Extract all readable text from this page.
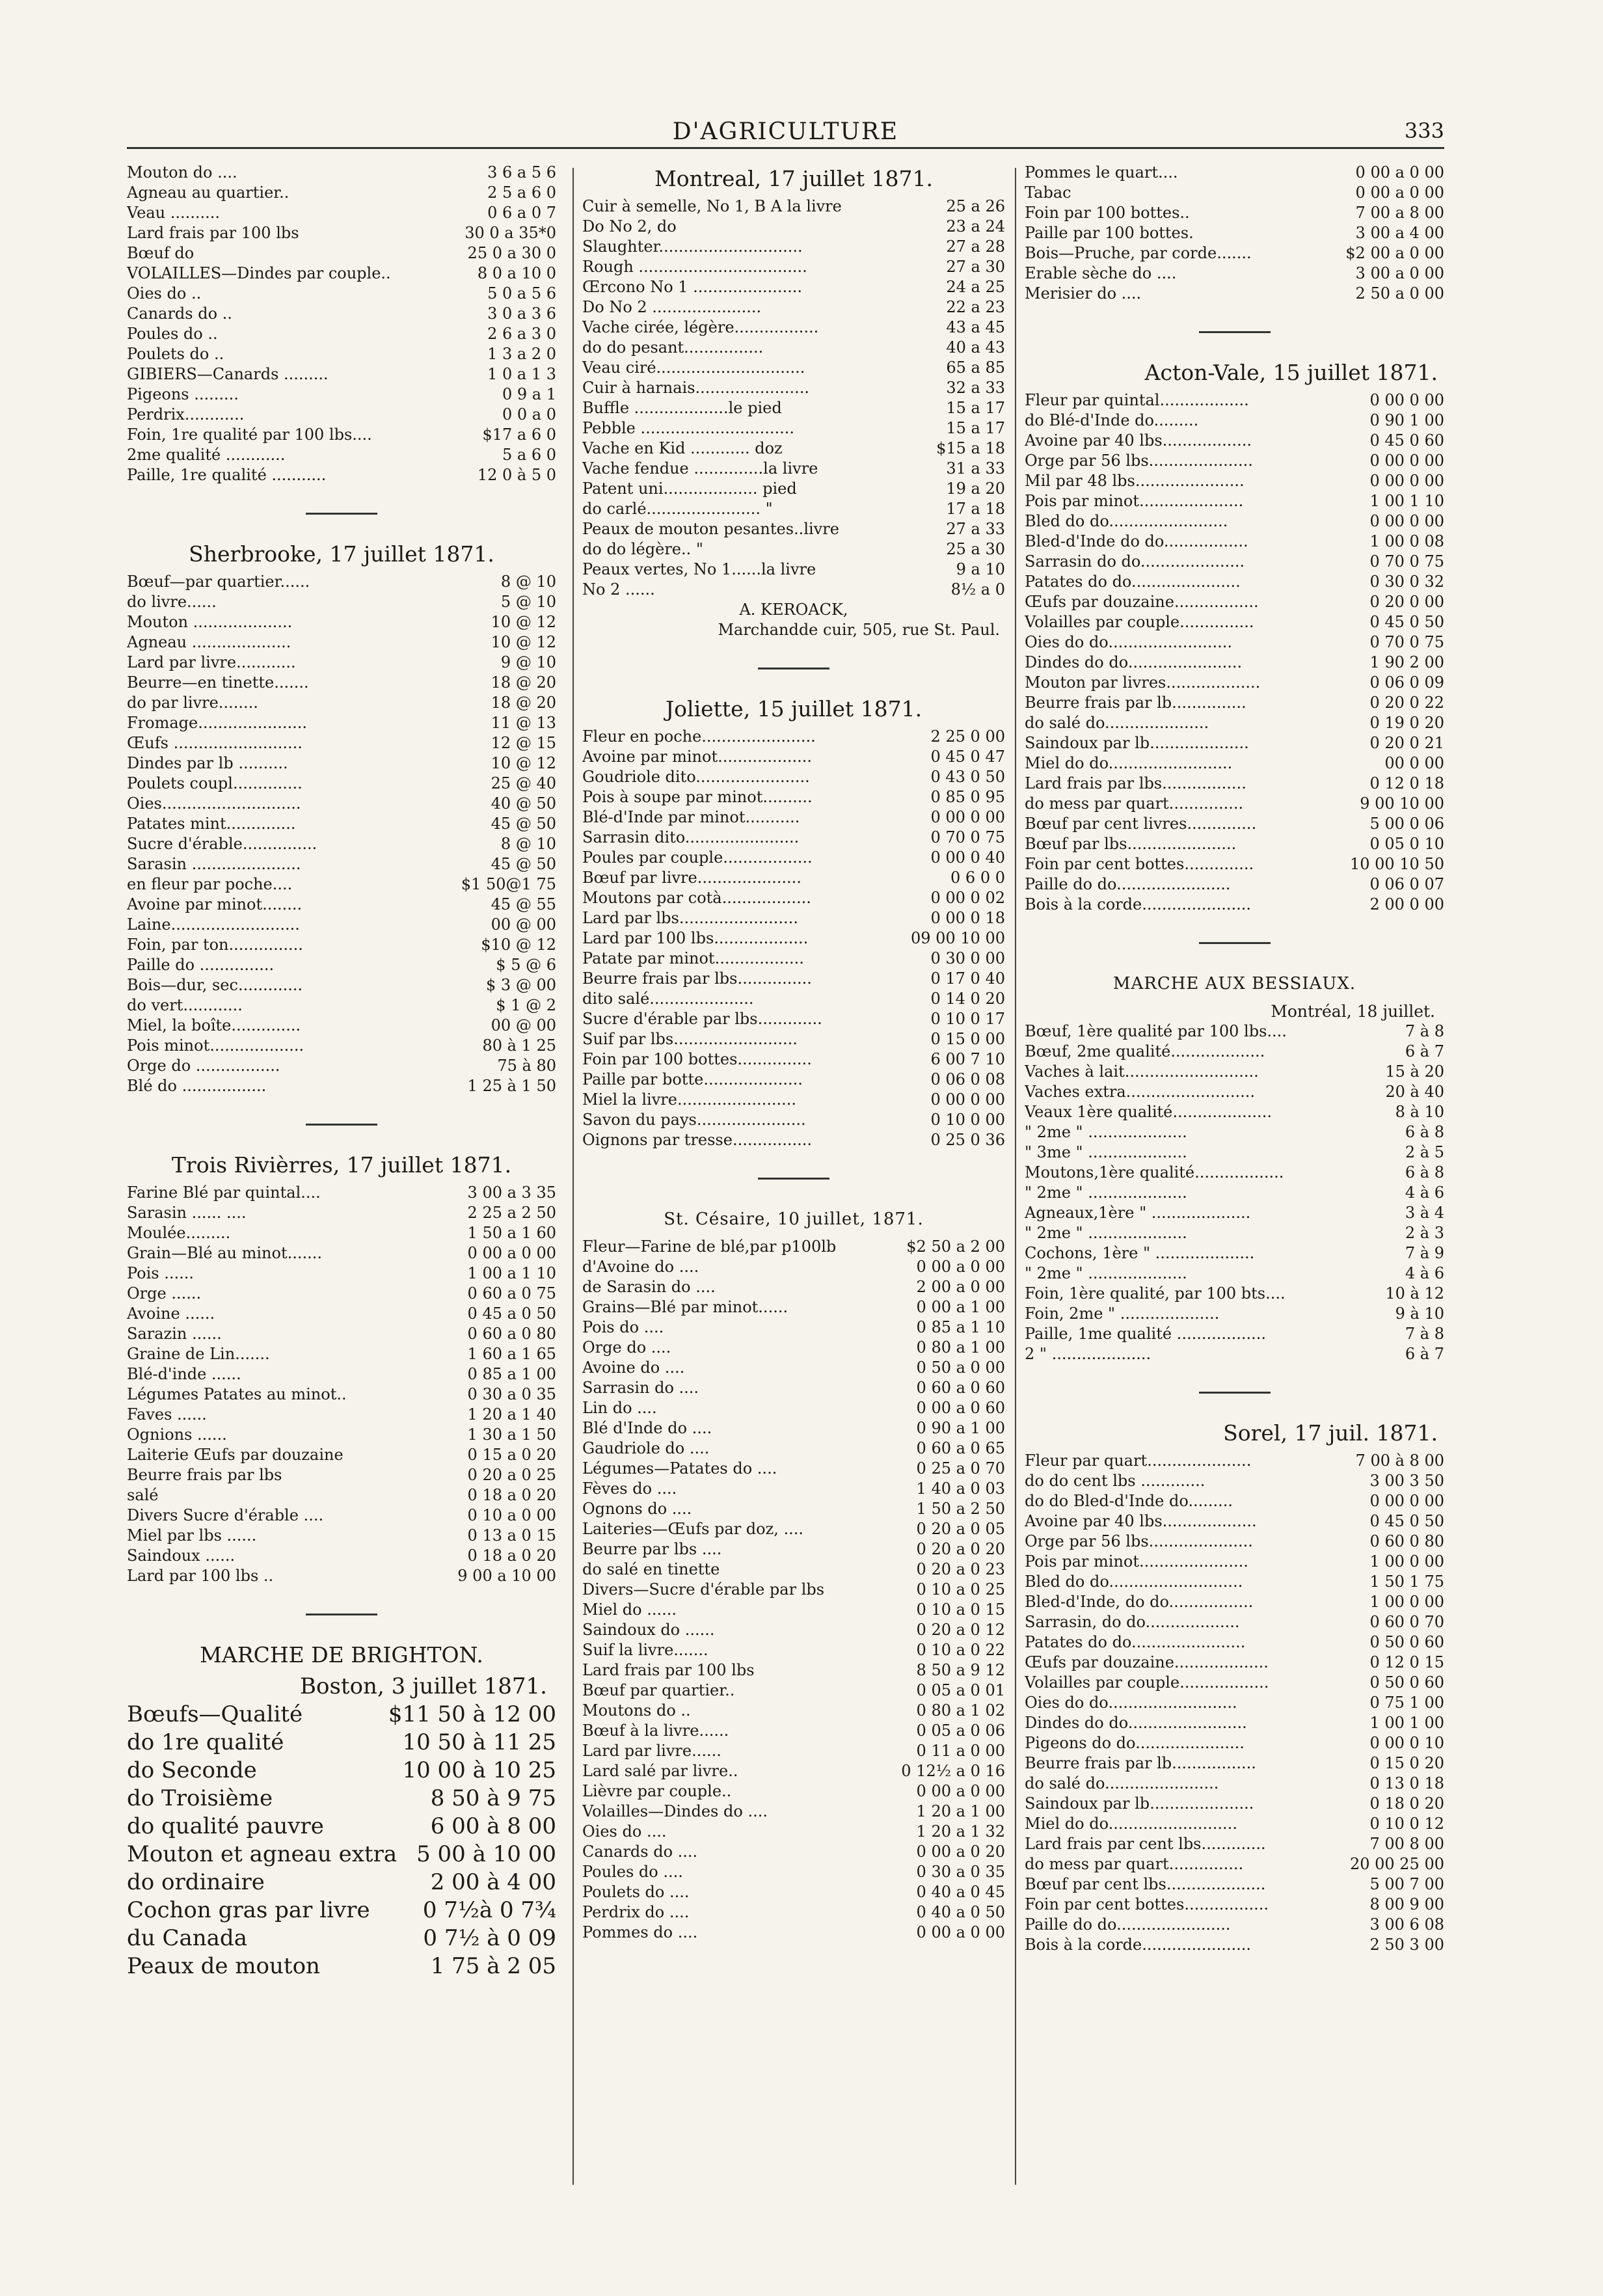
D'AGRICULTURE	333
Mouton do ....	3 6 a 5 6
Agneau au quartier..	2 5 a 6 0
Veau ..........	0 6 a 0 7
Lard frais par 100 lbs	30 0 a 35*0
Bœuf do	25 0 a 30 0
VOLAILLES—Dindes par couple..	8 0 a 10 0
Oies do ..	5 0 a 5 6
Canards do ..	3 0 a 3 6
Poules do ..	2 6 a 3 0
Poulets do ..	1 3 a 2 0
GIBIERS—Canards .........	1 0 a 1 3
Pigeons .........	0 9 a 1
Perdrix............	0 0 a 0
Foin, 1re qualité par 100 lbs....	$17 a 6 0
2me qualité ............	5 a 6 0
Paille, 1re qualité ...........	12 0 à 5 0
Sherbrooke, 17 juillet 1871.
Bœuf—par quartier......	8 @ 10
do livre......	5 @ 10
Mouton ....................	10 @ 12
Agneau ....................	10 @ 12
Lard par livre............	9 @ 10
Beurre—en tinette.......	18 @ 20
do par livre........	18 @ 20
Fromage......................	11 @ 13
Œufs ..........................	12 @ 15
Dindes par lb ..........	10 @ 12
Poulets coupl..............	25 @ 40
Oies............................	40 @ 50
Patates mint..............	45 @ 50
Sucre d'érable...............	8 @ 10
Sarasin ......................	45 @ 50
en fleur par poche....	$1 50@1 75
Avoine par minot........	45 @ 55
Laine..........................	00 @ 00
Foin, par ton...............	$10 @ 12
Paille do ...............	$ 5 @ 6
Bois—dur, sec.............	$ 3 @ 00
do vert............	$ 1 @ 2
Miel, la boîte..............	00 @ 00
Pois minot...................	80 à 1 25
Orge do .................	75 à 80
Blé do .................	1 25 à 1 50
Trois Rivièrres, 17 juillet 1871.
Farine Blé par quintal....	3 00 a 3 35
Sarasin ...... ....	2 25 a 2 50
Moulée.........	1 50 a 1 60
Grain—Blé au minot.......	0 00 a 0 00
Pois ......	1 00 a 1 10
Orge ......	0 60 a 0 75
Avoine ......	0 45 a 0 50
Sarazin ......	0 60 a 0 80
Graine de Lin.......	1 60 a 1 65
Blé-d'inde ......	0 85 a 1 00
Légumes Patates au minot..	0 30 a 0 35
Faves ......	1 20 a 1 40
Ognions ......	1 30 a 1 50
Laiterie Œufs par douzaine	0 15 a 0 20
Beurre frais par lbs	0 20 a 0 25
salé	0 18 a 0 20
Divers Sucre d'érable ....	0 10 a 0 00
Miel par lbs ......	0 13 a 0 15
Saindoux ......	0 18 a 0 20
Lard par 100 lbs ..	9 00 a 10 00
MARCHE DE BRIGHTON.
Boston, 3 juillet 1871.
Bœufs—Qualité	$11 50 à 12 00
do 1re qualité	10 50 à 11 25
do Seconde	10 00 à 10 25
do Troisième	8 50 à 9 75
do qualité pauvre	6 00 à 8 00
Mouton et agneau extra 5 00 à 10 00
do ordinaire	2 00 à 4 00
Cochon gras par livre	0 7½à 0 7¾
du Canada	0 7½ à 0 09
Peaux de mouton	1 75 à 2 05
Montreal, 17 juillet 1871.
Cuir à semelle, No 1, B A la livre	25 a 26
Do No 2, do	23 a 24
Slaughter.............................	27 a 28
Rough ..................................	27 a 30
Œrcono No 1 ......................	24 a 25
Do No 2 ......................	22 a 23
Vache cirée, légère.................	43 a 45
do do pesant................	40 a 43
Veau ciré..............................	65 a 85
Cuir à harnais.......................	32 a 33
Buffle ...................le pied	15 a 17
Pebble ...............................	15 a 17
Vache en Kid ............ doz	$15 a 18
Vache fendue ..............la livre	31 a 33
Patent uni................... pied	19 a 20
do carlé....................... "	17 a 18
Peaux de mouton pesantes..livre	27 a 33
do do légère.. "	25 a 30
Peaux vertes, No 1......la livre	9 a 10
No 2 ......	8½ a 0
A. KEROACK,
Marchandde cuir, 505, rue St. Paul.
Joliette, 15 juillet 1871.
Fleur en poche.......................	2 25 0 00
Avoine par minot...................	0 45 0 47
Goudriole dito.......................	0 43 0 50
Pois à soupe par minot..........	0 85 0 95
Blé-d'Inde par minot...........	0 00 0 00
Sarrasin dito.......................	0 70 0 75
Poules par couple..................	0 00 0 40
Bœuf par livre.....................	0 6 0 0
Moutons par cotà..................	0 00 0 02
Lard par lbs........................	0 00 0 18
Lard par 100 lbs...................	09 00 10 00
Patate par minot..................	0 30 0 00
Beurre frais par lbs...............	0 17 0 40
dito salé.....................	0 14 0 20
Sucre d'érable par lbs.............	0 10 0 17
Suif par lbs.........................	0 15 0 00
Foin par 100 bottes...............	6 00 7 10
Paille par botte....................	0 06 0 08
Miel la livre........................	0 00 0 00
Savon du pays......................	0 10 0 00
Oignons par tresse................	0 25 0 36
St. Césaire, 10 juillet, 1871.
Fleur—Farine de blé,par p100lb	$2 50 a 2 00
d'Avoine do ....	0 00 a 0 00
de Sarasin do ....	2 00 a 0 00
Grains—Blé par minot......	0 00 a 1 00
Pois do ....	0 85 a 1 10
Orge do ....	0 80 a 1 00
Avoine do ....	0 50 a 0 00
Sarrasin do ....	0 60 a 0 60
Lin do ....	0 00 a 0 60
Blé d'Inde do ....	0 90 a 1 00
Gaudriole do ....	0 60 a 0 65
Légumes—Patates do ....	0 25 a 0 70
Fèves do ....	1 40 a 0 03
Ognons do ....	1 50 a 2 50
Laiteries—Œufs par doz, ....	0 20 a 0 05
Beurre par lbs ....	0 20 a 0 20
do salé en tinette	0 20 a 0 23
Divers—Sucre d'érable par lbs	0 10 a 0 25
Miel do ......	0 10 a 0 15
Saindoux do ......	0 20 a 0 12
Suif la livre.......	0 10 a 0 22
Lard frais par 100 lbs	8 50 a 9 12
Bœuf par quartier..	0 05 a 0 01
Moutons do ..	0 80 a 1 02
Bœuf à la livre......	0 05 a 0 06
Lard par livre......	0 11 a 0 00
Lard salé par livre..	0 12½ a 0 16
Lièvre par couple..	0 00 a 0 00
Volailles—Dindes do ....	1 20 a 1 00
Oies do ....	1 20 a 1 32
Canards do ....	0 00 a 0 20
Poules do ....	0 30 a 0 35
Poulets do ....	0 40 a 0 45
Perdrix do ....	0 40 a 0 50
Pommes do ....	0 00 a 0 00
Pommes le quart....	0 00 a 0 00
Tabac	0 00 a 0 00
Foin par 100 bottes..	7 00 a 8 00
Paille par 100 bottes.	3 00 a 4 00
Bois—Pruche, par corde.......	$2 00 a 0 00
Erable sèche do ....	3 00 a 0 00
Merisier do ....	2 50 a 0 00
Acton-Vale, 15 juillet 1871.
Fleur par quintal..................	0 00 0 00
do Blé-d'Inde do.........	0 90 1 00
Avoine par 40 lbs..................	0 45 0 60
Orge par 56 lbs.....................	0 00 0 00
Mil par 48 lbs......................	0 00 0 00
Pois par minot.....................	1 00 1 10
Bled do do........................	0 00 0 00
Bled-d'Inde do do.................	1 00 0 08
Sarrasin do do.....................	0 70 0 75
Patates do do......................	0 30 0 32
Œufs par douzaine.................	0 20 0 00
Volailles par couple...............	0 45 0 50
Oies do do.........................	0 70 0 75
Dindes do do.......................	1 90 2 00
Mouton par livres...................	0 06 0 09
Beurre frais par lb...............	0 20 0 22
do salé do.....................	0 19 0 20
Saindoux par lb....................	0 20 0 21
Miel do do.........................	00 0 00
Lard frais par lbs.................	0 12 0 18
do mess par quart...............	9 00 10 00
Bœuf par cent livres..............	5 00 0 06
Bœuf par lbs......................	0 05 0 10
Foin par cent bottes..............	10 00 10 50
Paille do do.......................	0 06 0 07
Bois à la corde......................	2 00 0 00
MARCHE AUX BESSIAUX.
Montréal, 18 juillet.
Bœuf, 1ère qualité par 100 lbs....	7 à 8
Bœuf, 2me qualité...................	6 à 7
Vaches à lait...........................	15 à 20
Vaches extra..........................	20 à 40
Veaux 1ère qualité....................	8 à 10
" 2me " ....................	6 à 8
" 3me " ....................	2 à 5
Moutons,1ère qualité..................	6 à 8
" 2me " ....................	4 à 6
Agneaux,1ère " ....................	3 à 4
" 2me " ....................	2 à 3
Cochons, 1ère " ....................	7 à 9
" 2me " ....................	4 à 6
Foin, 1ère qualité, par 100 bts....	10 à 12
Foin, 2me " ....................	9 à 10
Paille, 1me qualité ..................	7 à 8
2 " ....................	6 à 7
Sorel, 17 juil. 1871.
Fleur par quart.....................	7 00 à 8 00
do do cent lbs .............	3 00 3 50
do do Bled-d'Inde do.........	0 00 0 00
Avoine par 40 lbs...................	0 45 0 50
Orge par 56 lbs.....................	0 60 0 80
Pois par minot......................	1 00 0 00
Bled do do...........................	1 50 1 75
Bled-d'Inde, do do.................	1 00 0 00
Sarrasin, do do...................	0 60 0 70
Patates do do.......................	0 50 0 60
Œufs par douzaine...................	0 12 0 15
Volailles par couple..................	0 50 0 60
Oies do do..........................	0 75 1 00
Dindes do do........................	1 00 1 00
Pigeons do do......................	0 00 0 10
Beurre frais par lb.................	0 15 0 20
do salé do.......................	0 13 0 18
Saindoux par lb.....................	0 18 0 20
Miel do do..........................	0 10 0 12
Lard frais par cent lbs.............	7 00 8 00
do mess par quart...............	20 00 25 00
Bœuf par cent lbs....................	5 00 7 00
Foin par cent bottes.................	8 00 9 00
Paille do do.......................	3 00 6 08
Bois à la corde......................	2 50 3 00
